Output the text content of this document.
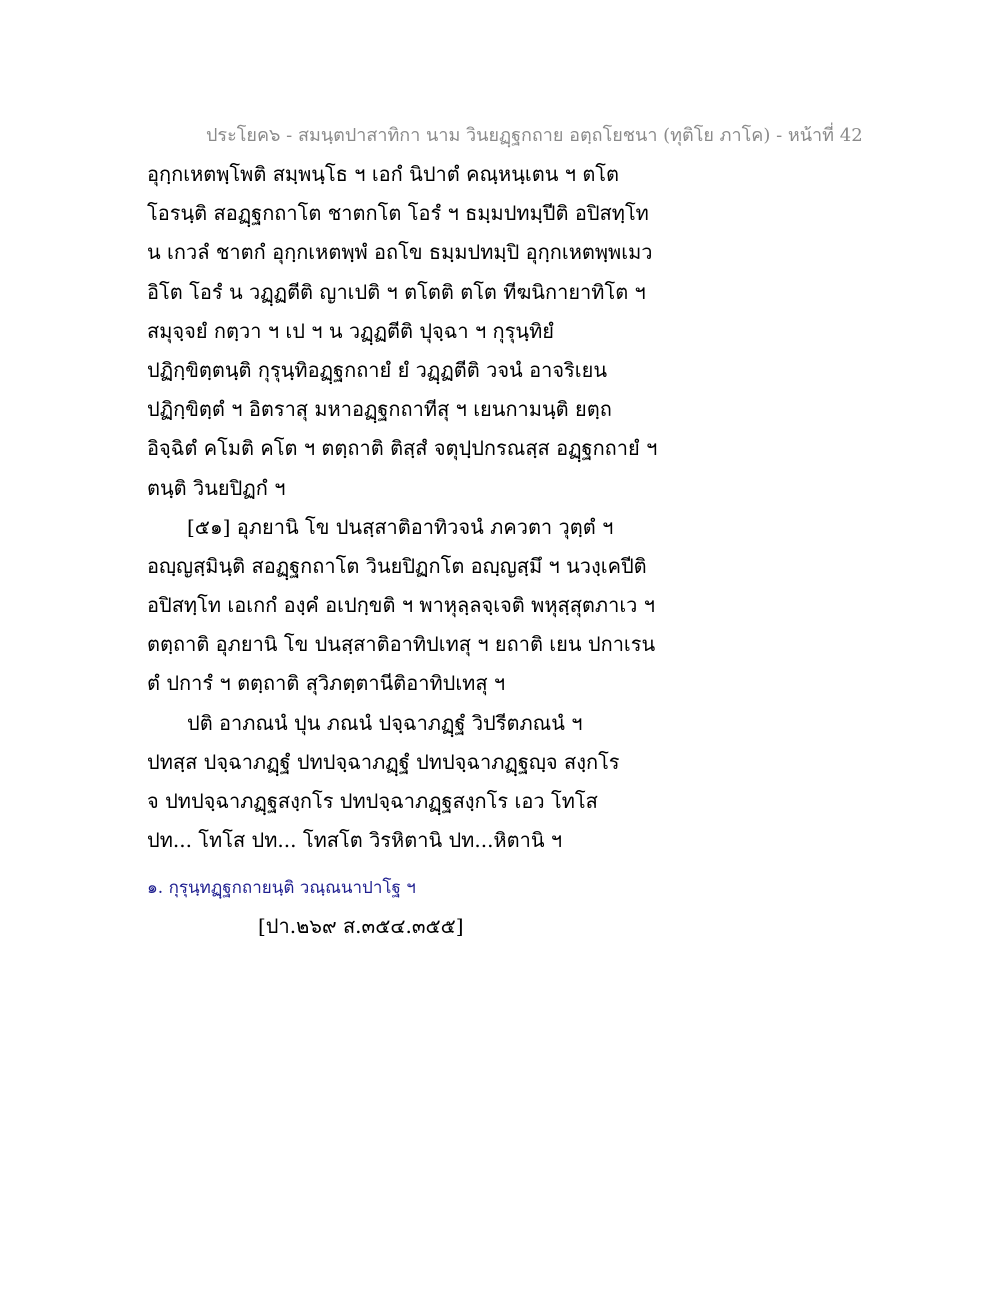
ประโยค๖ - สมนฺตปาสาทิกา นาม วินยฏฺฐกถาย อตฺถโยชนา (ทุติโย ภาโค) - หน้าที่ 42
อุกฺกเหตพฺโพติ สมฺพนฺโธ ฯ เอกํ นิปาตํ คณฺหนฺเตน ฯ ตโต
โอรนฺติ สอฏฺฐกถาโต ชาตกโต โอรํ ฯ ธมฺมปทมฺปีติ อปิสทฺโท
น เกวลํ ชาตกํ อุกฺกเหตพฺพํ อถโข ธมฺมปทมฺปิ อุกฺกเหตพฺพเมว
อิโต โอรํ น วฏฺฏตีติ ญาเปติ ฯ ตโตติ ตโต ทีฆนิกายาทิโต ฯ
สมุจฺจยํ กตฺวา ฯ เป ฯ น วฏฺฏตีติ ปุจฺฉา ฯ กุรุนฺทิยํ
ปฏิกฺขิตฺตนฺติ กุรุนฺทิอฏฺฐกถายํ ยํ วฏฺฏตีติ วจนํ อาจริเยน
ปฏิกฺขิตฺตํ ฯ อิตราสุ มหาอฏฺฐกถาทีสุ ฯ เยนกามนฺติ ยตฺถ
อิจฺฉิตํ คโมติ คโต ฯ ตตฺถาติ ติสฺสํ จตุปฺปกรณสฺส อฏฺฐกถายํ ฯ
ตนฺติ วินยปิฏกํ ฯ
[๕๑] อุภยานิ โข ปนสฺสาติอาทิวจนํ ภควตา วุตฺตํ ฯ
อญฺญสฺมินฺติ สอฏฺฐกถาโต วินยปิฏกโต อญฺญสฺมึ ฯ นวงฺเคปีติ
อปิสทฺโท เอเกกํ องฺคํ อเปกฺขติ ฯ พาหุลฺลจฺเจติ พหุสฺสุตภาเว ฯ
ตตฺถาติ อุภยานิ โข ปนสฺสาติอาทิปเทสุ ฯ ยถาติ เยน ปกาเรน
ตํ ปการํ ฯ ตตฺถาติ สุวิภตฺตานีติอาทิปเทสุ ฯ
ปติ อาภณนํ ปุน ภณนํ ปจฺฉาภฏฺฐํ วิปรีตภณนํ ฯ
ปทสฺส ปจฺฉาภฏฺฐํ ปทปจฺฉาภฏฺฐํ ปทปจฺฉาภฏฺฐญฺจ สงฺกโร
จ ปทปจฺฉาภฏฺฐสงฺกโร ปทปจฺฉาภฏฺฐสงฺกโร เอว โทโส
ปท... โทโส ปท... โทสโต วิรหิตานิ ปท...หิตานิ ฯ
๑. กุรุนฺทฏฺฐกถายนฺติ วณฺณนาปาโฐ ฯ
[ปา.๒๖๙ ส.๓๕๔.๓๕๕]
